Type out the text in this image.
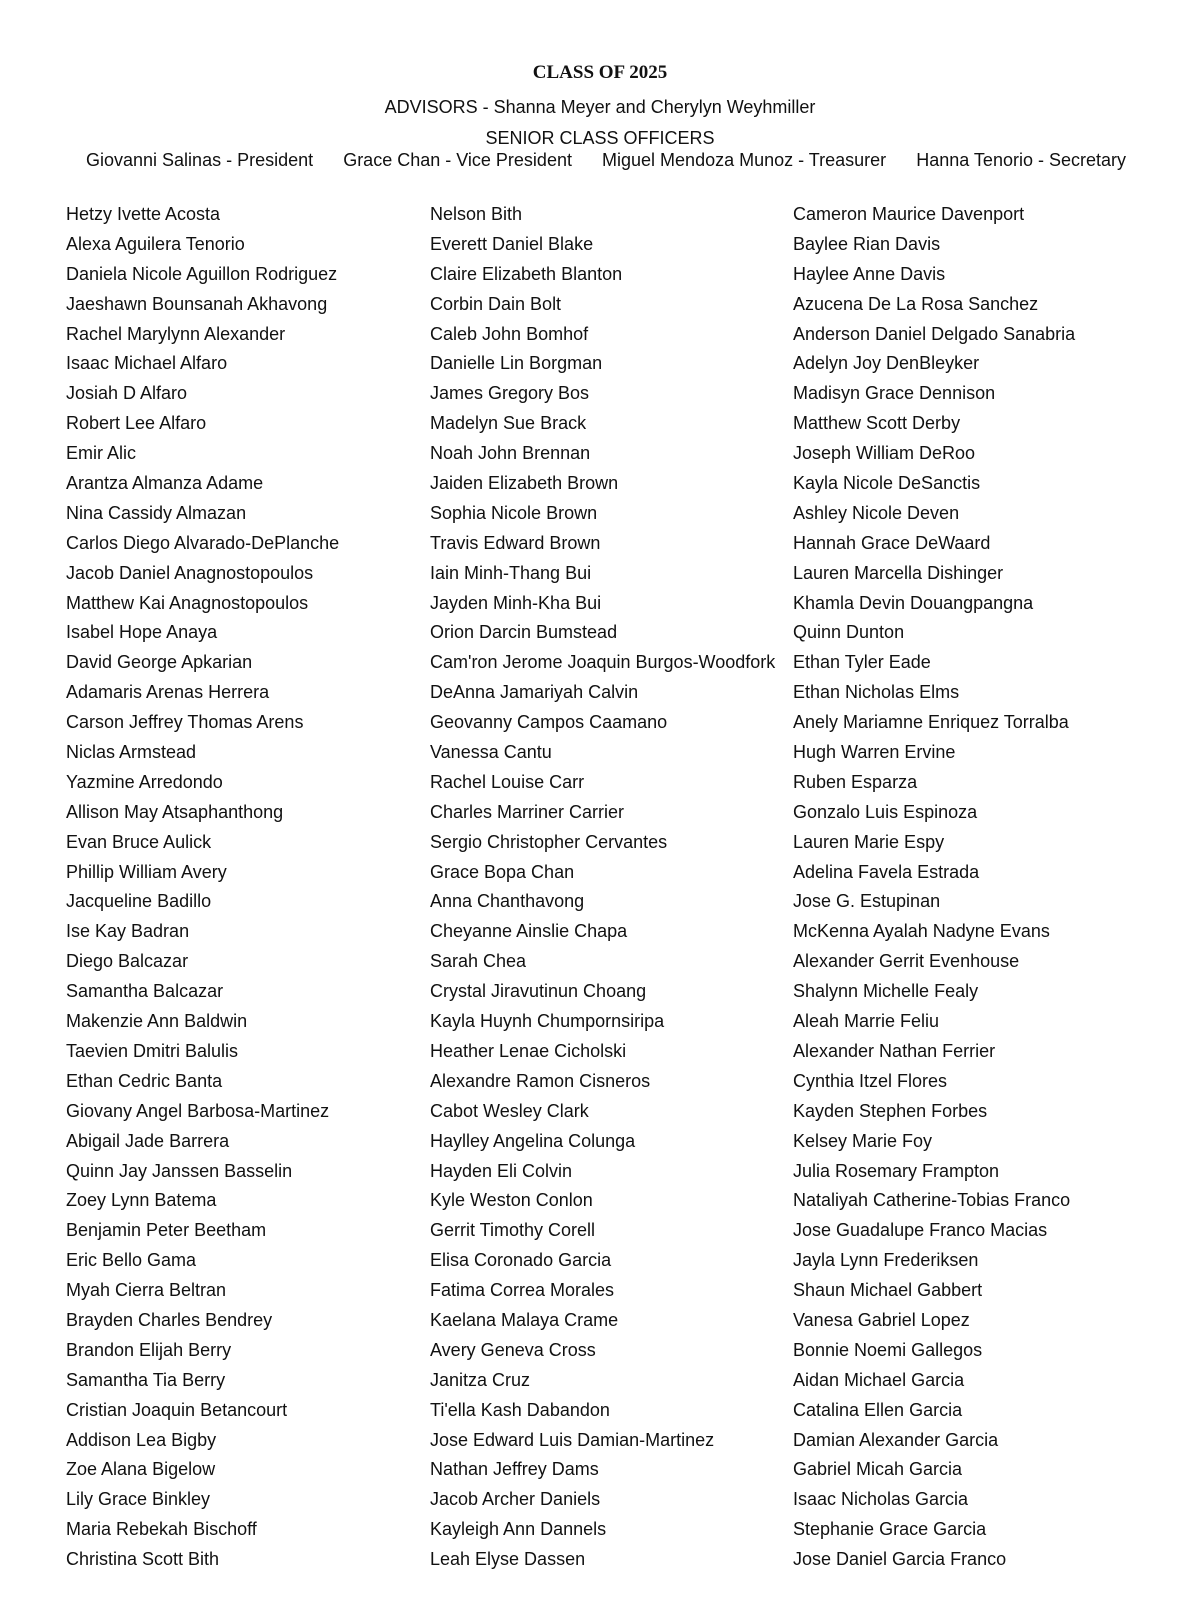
CLASS OF 2025
ADVISORS - Shanna Meyer and Cherylyn Weyhmiller
SENIOR CLASS OFFICERS
Giovanni Salinas - President Grace Chan - Vice President Miguel Mendoza Munoz - Treasurer Hanna Tenorio - Secretary
Hetzy Ivette Acosta
Alexa Aguilera Tenorio
Daniela Nicole Aguillon Rodriguez
Jaeshawn Bounsanah Akhavong
Rachel Marylynn Alexander
Isaac Michael Alfaro
Josiah D Alfaro
Robert Lee Alfaro
Emir Alic
Arantza Almanza Adame
Nina Cassidy Almazan
Carlos Diego Alvarado-DePlanche
Jacob Daniel Anagnostopoulos
Matthew Kai Anagnostopoulos
Isabel Hope Anaya
David George Apkarian
Adamaris Arenas Herrera
Carson Jeffrey Thomas Arens
Niclas Armstead
Yazmine Arredondo
Allison May Atsaphanthong
Evan Bruce Aulick
Phillip William Avery
Jacqueline Badillo
Ise Kay Badran
Diego Balcazar
Samantha Balcazar
Makenzie Ann Baldwin
Taevien Dmitri Balulis
Ethan Cedric Banta
Giovany Angel Barbosa-Martinez
Abigail Jade Barrera
Quinn Jay Janssen Basselin
Zoey Lynn Batema
Benjamin Peter Beetham
Eric Bello Gama
Myah Cierra Beltran
Brayden Charles Bendrey
Brandon Elijah Berry
Samantha Tia Berry
Cristian Joaquin Betancourt
Addison Lea Bigby
Zoe Alana Bigelow
Lily Grace Binkley
Maria Rebekah Bischoff
Christina Scott Bith
Nelson Bith
Everett Daniel Blake
Claire Elizabeth Blanton
Corbin Dain Bolt
Caleb John Bomhof
Danielle Lin Borgman
James Gregory Bos
Madelyn Sue Brack
Noah John Brennan
Jaiden Elizabeth Brown
Sophia Nicole Brown
Travis Edward Brown
Iain Minh-Thang Bui
Jayden Minh-Kha Bui
Orion Darcin Bumstead
Cam'ron Jerome Joaquin Burgos-Woodfork
DeAnna Jamariyah Calvin
Geovanny Campos Caamano
Vanessa Cantu
Rachel Louise Carr
Charles Marriner Carrier
Sergio Christopher Cervantes
Grace Bopa Chan
Anna Chanthavong
Cheyanne Ainslie Chapa
Sarah Chea
Crystal Jiravutinun Choang
Kayla Huynh Chumpornsiripa
Heather Lenae Cicholski
Alexandre Ramon Cisneros
Cabot Wesley Clark
Haylley Angelina Colunga
Hayden Eli Colvin
Kyle Weston Conlon
Gerrit Timothy Corell
Elisa Coronado Garcia
Fatima Correa Morales
Kaelana Malaya Crame
Avery Geneva Cross
Janitza Cruz
Ti'ella Kash Dabandon
Jose Edward Luis Damian-Martinez
Nathan Jeffrey Dams
Jacob Archer Daniels
Kayleigh Ann Dannels
Leah Elyse Dassen
Cameron Maurice Davenport
Baylee Rian Davis
Haylee Anne Davis
Azucena De La Rosa Sanchez
Anderson Daniel Delgado Sanabria
Adelyn Joy DenBleyker
Madisyn Grace Dennison
Matthew Scott Derby
Joseph William DeRoo
Kayla Nicole DeSanctis
Ashley Nicole Deven
Hannah Grace DeWaard
Lauren Marcella Dishinger
Khamla Devin Douangpangna
Quinn Dunton
Ethan Tyler Eade
Ethan Nicholas Elms
Anely Mariamne Enriquez Torralba
Hugh Warren Ervine
Ruben Esparza
Gonzalo Luis Espinoza
Lauren Marie Espy
Adelina Favela Estrada
Jose G. Estupinan
McKenna Ayalah Nadyne Evans
Alexander Gerrit Evenhouse
Shalynn Michelle Fealy
Aleah Marrie Feliu
Alexander Nathan Ferrier
Cynthia Itzel Flores
Kayden Stephen Forbes
Kelsey Marie Foy
Julia Rosemary Frampton
Nataliyah Catherine-Tobias Franco
Jose Guadalupe Franco Macias
Jayla Lynn Frederiksen
Shaun Michael Gabbert
Vanesa Gabriel Lopez
Bonnie Noemi Gallegos
Aidan Michael Garcia
Catalina Ellen Garcia
Damian Alexander Garcia
Gabriel Micah Garcia
Isaac Nicholas Garcia
Stephanie Grace Garcia
Jose Daniel Garcia Franco
